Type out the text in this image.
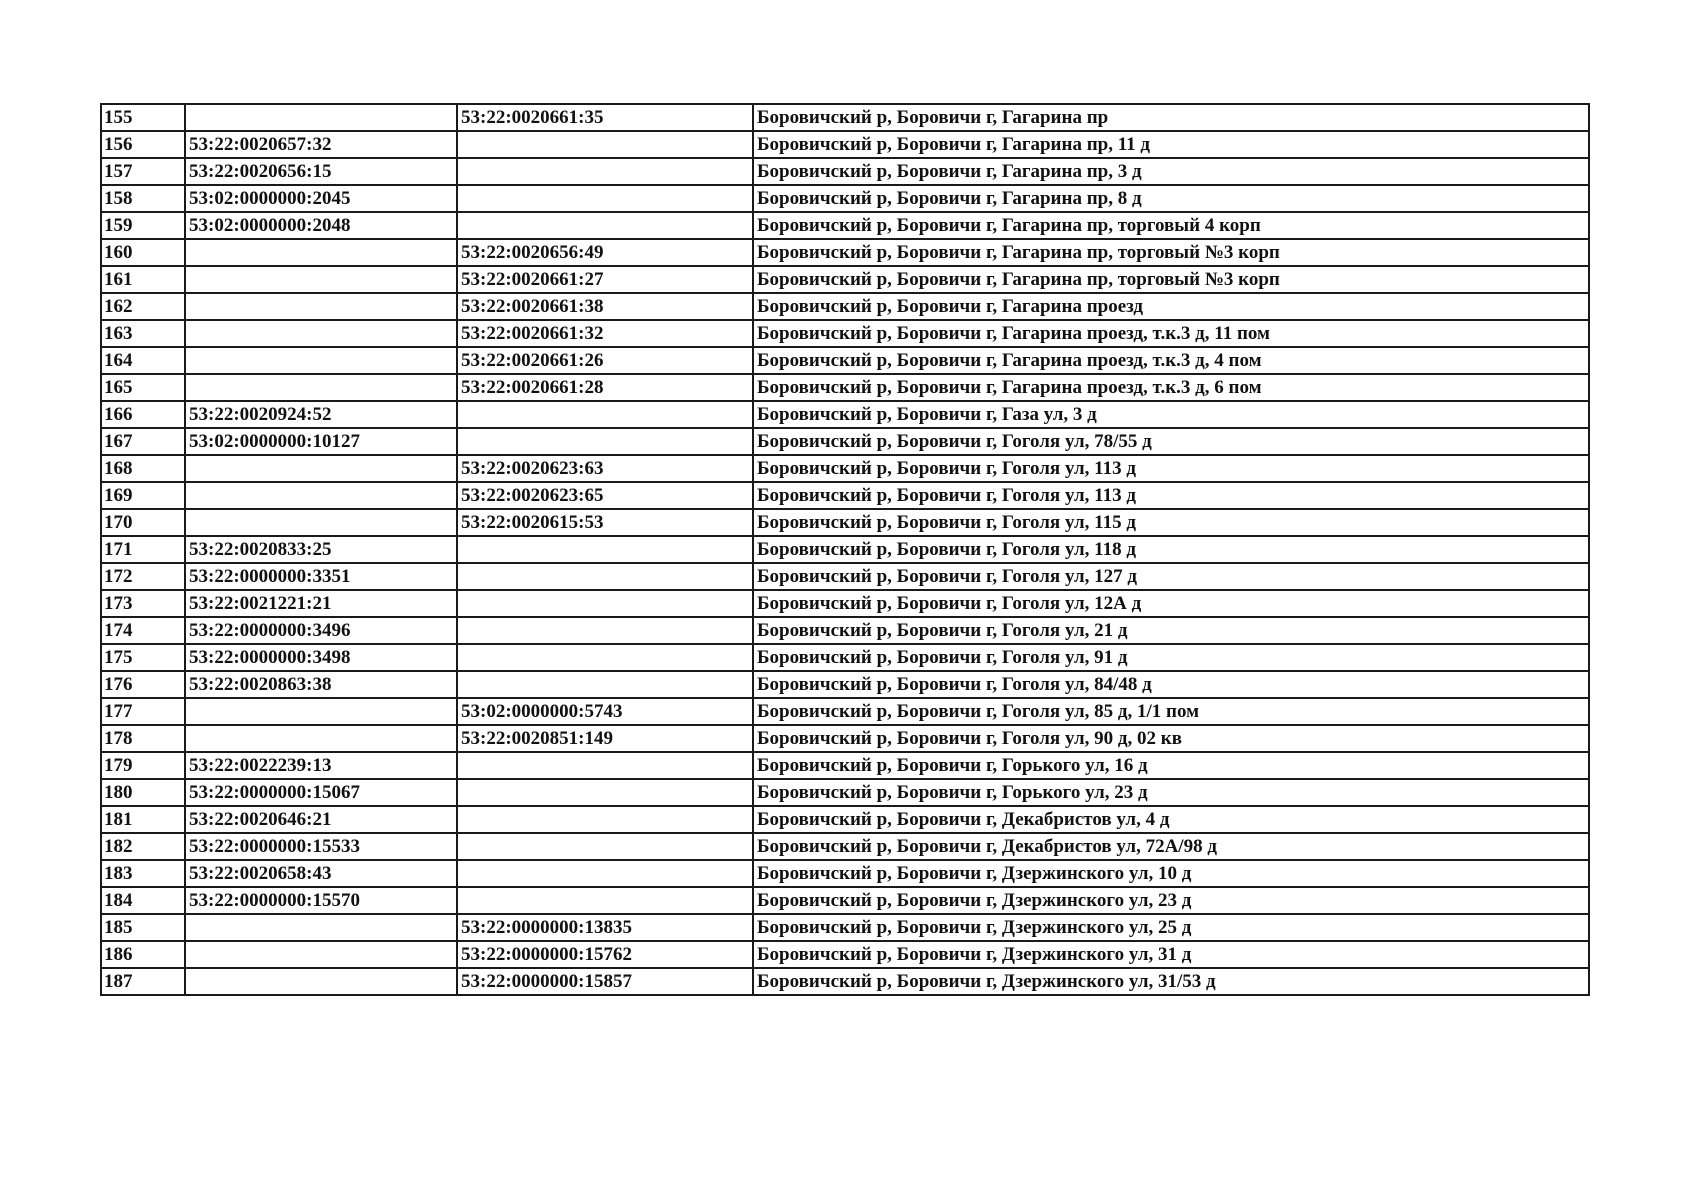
155		53:22:0020661:35	Боровичский р, Боровичи г, Гагарина пр
156	53:22:0020657:32		Боровичский р, Боровичи г, Гагарина пр, 11 д
157	53:22:0020656:15		Боровичский р, Боровичи г, Гагарина пр, 3 д
158	53:02:0000000:2045		Боровичский р, Боровичи г, Гагарина пр, 8 д
159	53:02:0000000:2048		Боровичский р, Боровичи г, Гагарина пр, торговый 4 корп
160		53:22:0020656:49	Боровичский р, Боровичи г, Гагарина пр, торговый №3 корп
161		53:22:0020661:27	Боровичский р, Боровичи г, Гагарина пр, торговый №3 корп
162		53:22:0020661:38	Боровичский р, Боровичи г, Гагарина проезд
163		53:22:0020661:32	Боровичский р, Боровичи г, Гагарина проезд, т.к.3 д, 11 пом
164		53:22:0020661:26	Боровичский р, Боровичи г, Гагарина проезд, т.к.3 д, 4 пом
165		53:22:0020661:28	Боровичский р, Боровичи г, Гагарина проезд, т.к.3 д, 6 пом
166	53:22:0020924:52		Боровичский р, Боровичи г, Газа ул, 3 д
167	53:02:0000000:10127		Боровичский р, Боровичи г, Гоголя ул, 78/55 д
168		53:22:0020623:63	Боровичский р, Боровичи г, Гоголя ул, 113 д
169		53:22:0020623:65	Боровичский р, Боровичи г, Гоголя ул, 113 д
170		53:22:0020615:53	Боровичский р, Боровичи г, Гоголя ул, 115 д
171	53:22:0020833:25		Боровичский р, Боровичи г, Гоголя ул, 118 д
172	53:22:0000000:3351		Боровичский р, Боровичи г, Гоголя ул, 127 д
173	53:22:0021221:21		Боровичский р, Боровичи г, Гоголя ул, 12А д
174	53:22:0000000:3496		Боровичский р, Боровичи г, Гоголя ул, 21 д
175	53:22:0000000:3498		Боровичский р, Боровичи г, Гоголя ул, 91 д
176	53:22:0020863:38		Боровичский р, Боровичи г, Гоголя ул, 84/48 д
177		53:02:0000000:5743	Боровичский р, Боровичи г, Гоголя ул, 85 д, 1/1 пом
178		53:22:0020851:149	Боровичский р, Боровичи г, Гоголя ул, 90 д, 02 кв
179	53:22:0022239:13		Боровичский р, Боровичи г, Горького ул, 16 д
180	53:22:0000000:15067		Боровичский р, Боровичи г, Горького ул, 23 д
181	53:22:0020646:21		Боровичский р, Боровичи г, Декабристов ул, 4 д
182	53:22:0000000:15533		Боровичский р, Боровичи г, Декабристов ул, 72А/98 д
183	53:22:0020658:43		Боровичский р, Боровичи г, Дзержинского ул, 10 д
184	53:22:0000000:15570		Боровичский р, Боровичи г, Дзержинского ул, 23 д
185		53:22:0000000:13835	Боровичский р, Боровичи г, Дзержинского ул, 25 д
186		53:22:0000000:15762	Боровичский р, Боровичи г, Дзержинского ул, 31 д
187		53:22:0000000:15857	Боровичский р, Боровичи г, Дзержинского ул, 31/53 д
